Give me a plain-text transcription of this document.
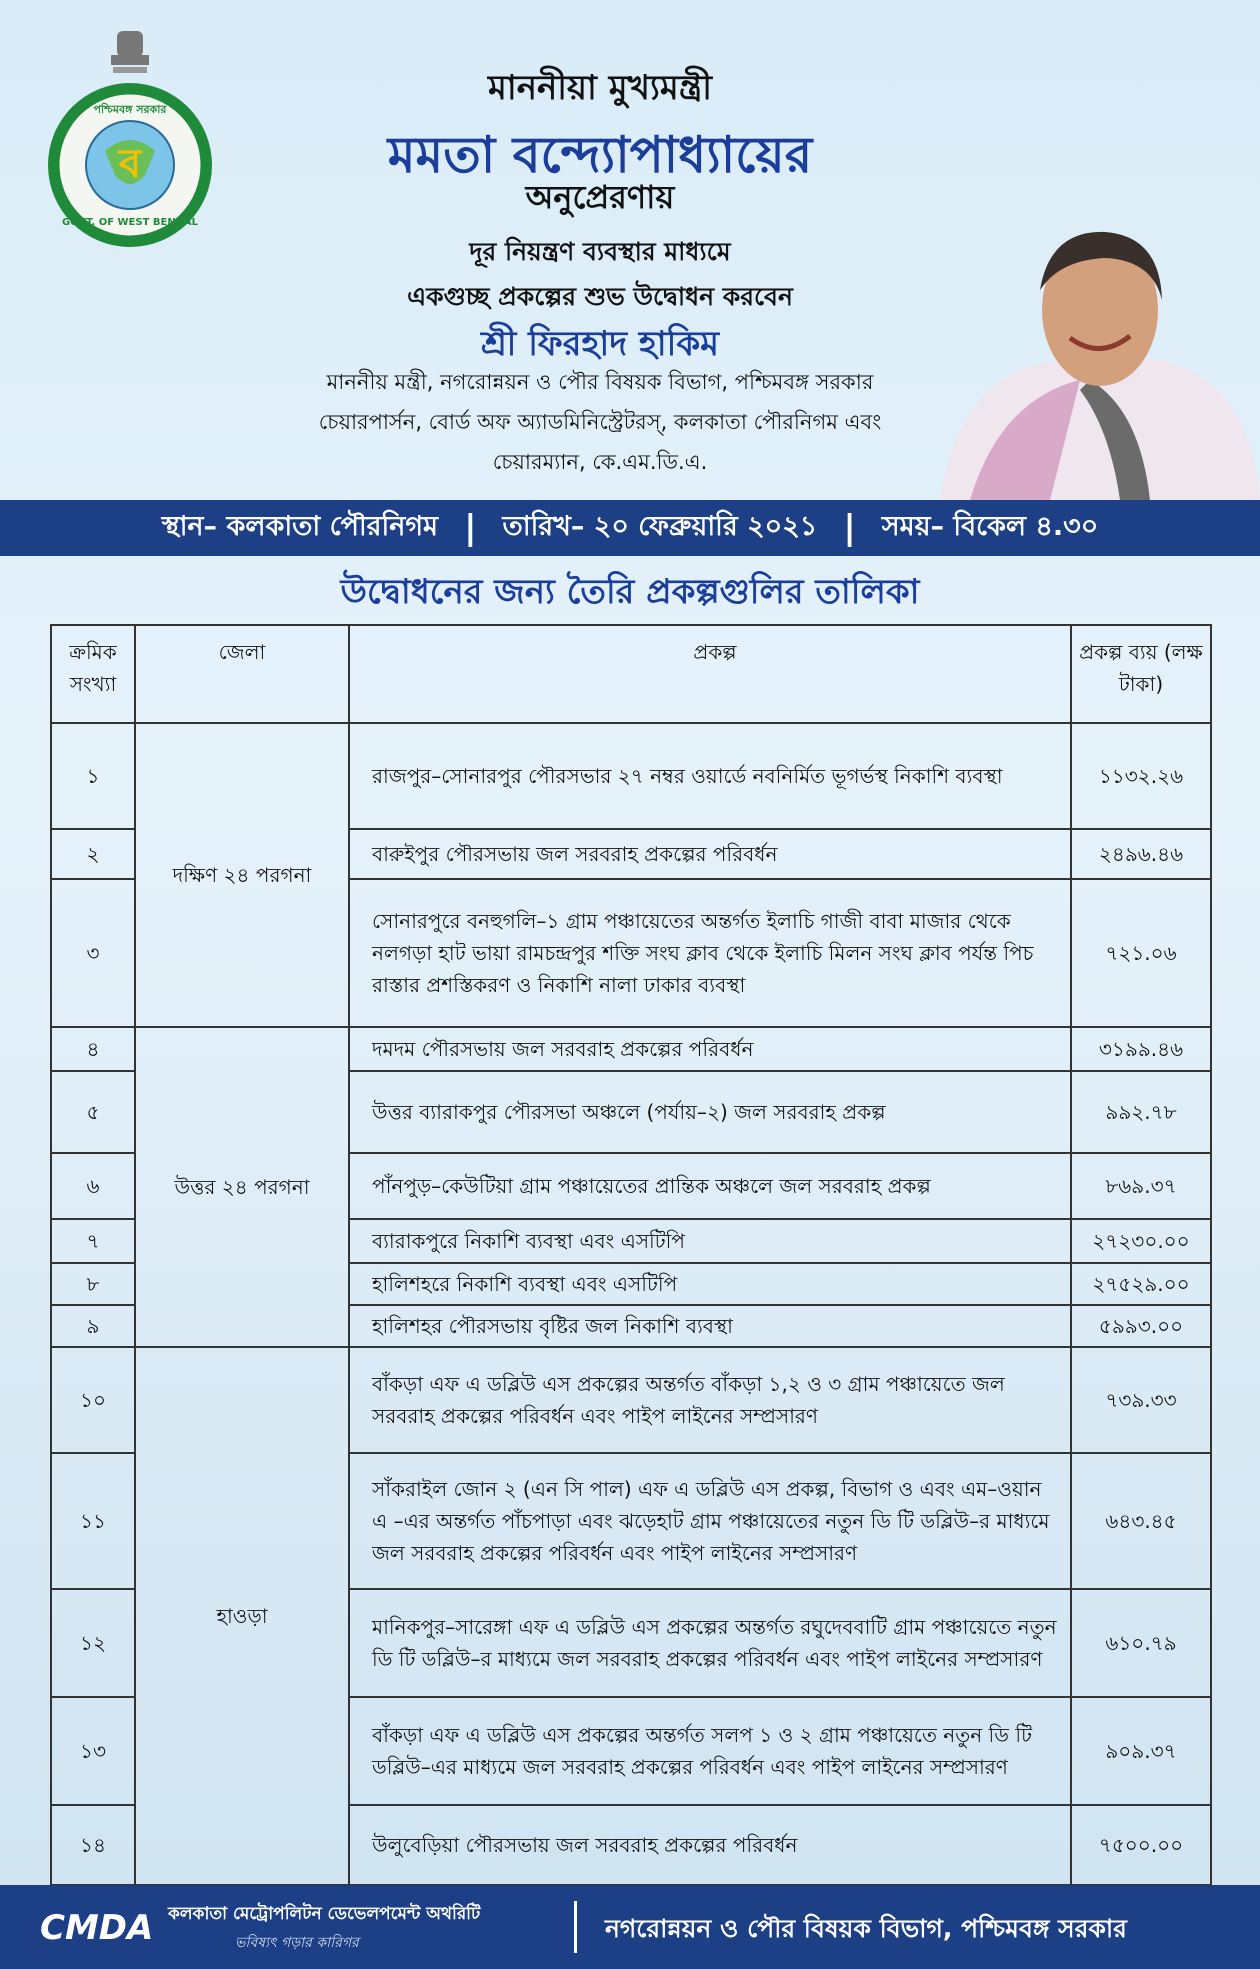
ব
পশ্চিমবঙ্গ সরকার
GOVT. OF WEST BENGAL
মাননীয়া মুখ্যমন্ত্রী
মমতা বন্দ্যোপাধ্যায়ের
অনুপ্রেরণায়
দূর নিয়ন্ত্রণ ব্যবস্থার মাধ্যমে
একগুচ্ছ প্রকল্পের শুভ উদ্বোধন করবেন
শ্রী ফিরহাদ হাকিম
মাননীয় মন্ত্রী, নগরোন্নয়ন ও পৌর বিষয়ক বিভাগ, পশ্চিমবঙ্গ সরকার
চেয়ারপার্সন, বোর্ড অফ অ্যাডমিনিস্ট্রেটরস্, কলকাতা পৌরনিগম এবং
চেয়ারম্যান, কে.এম.ডি.এ.
স্থান– কলকাতা পৌরনিগম | তারিখ– ২০ ফেব্রুয়ারি ২০২১ | সময়– বিকেল ৪.৩০
উদ্বোধনের জন্য তৈরি প্রকল্পগুলির তালিকা
ক্রমিক সংখ্যা	জেলা	প্রকল্প	প্রকল্প ব্যয় (লক্ষ টাকা)
১	দক্ষিণ ২৪ পরগনা	রাজপুর–সোনারপুর পৌরসভার ২৭ নম্বর ওয়ার্ডে নবনির্মিত ভূগর্ভস্থ নিকাশি ব্যবস্থা	১১৩২.২৬
২		বারুইপুর পৌরসভায় জল সরবরাহ প্রকল্পের পরিবর্ধন	২৪৯৬.৪৬
৩		সোনারপুরে বনহুগলি–১ গ্রাম পঞ্চায়েতের অন্তর্গত ইলাচি গাজী বাবা মাজার থেকে নলগড়া হাট ভায়া রামচন্দ্রপুর শক্তি সংঘ ক্লাব থেকে ইলাচি মিলন সংঘ ক্লাব পর্যন্ত পিচ রাস্তার প্রশস্তিকরণ ও নিকাশি নালা ঢাকার ব্যবস্থা	৭২১.০৬
৪	উত্তর ২৪ পরগনা	দমদম পৌরসভায় জল সরবরাহ প্রকল্পের পরিবর্ধন	৩১৯৯.৪৬
৫		উত্তর ব্যারাকপুর পৌরসভা অঞ্চলে (পর্যায়–২) জল সরবরাহ প্রকল্প	৯৯২.৭৮
৬		পাঁনপুড়–কেউটিয়া গ্রাম পঞ্চায়েতের প্রান্তিক অঞ্চলে জল সরবরাহ প্রকল্প	৮৬৯.৩৭
৭		ব্যারাকপুরে নিকাশি ব্যবস্থা এবং এসটিপি	২৭২৩০.০০
৮		হালিশহরে নিকাশি ব্যবস্থা এবং এসটিপি	২৭৫২৯.০০
৯		হালিশহর পৌরসভায় বৃষ্টির জল নিকাশি ব্যবস্থা	৫৯৯৩.০০
১০	হাওড়া	বাঁকড়া এফ এ ডব্লিউ এস প্রকল্পের অন্তর্গত বাঁকড়া ১,২ ও ৩ গ্রাম পঞ্চায়েতে জল সরবরাহ প্রকল্পের পরিবর্ধন এবং পাইপ লাইনের সম্প্রসারণ	৭৩৯.৩৩
১১		সাঁকরাইল জোন ২ (এন সি পাল) এফ এ ডব্লিউ এস প্রকল্প, বিভাগ ও এবং এম–ওয়ান এ –এর অন্তর্গত পাঁচপাড়া এবং ঝড়েহাট গ্রাম পঞ্চায়েতের নতুন ডি টি ডব্লিউ–র মাধ্যমে জল সরবরাহ প্রকল্পের পরিবর্ধন এবং পাইপ লাইনের সম্প্রসারণ	৬৪৩.৪৫
১২		মানিকপুর–সারেঙ্গা এফ এ ডব্লিউ এস প্রকল্পের অন্তর্গত রঘুদেববাটি গ্রাম পঞ্চায়েতে নতুন ডি টি ডব্লিউ–র মাধ্যমে জল সরবরাহ প্রকল্পের পরিবর্ধন এবং পাইপ লাইনের সম্প্রসারণ	৬১০.৭৯
১৩		বাঁকড়া এফ এ ডব্লিউ এস প্রকল্পের অন্তর্গত সলপ ১ ও ২ গ্রাম পঞ্চায়েতে নতুন ডি টি ডব্লিউ–এর মাধ্যমে জল সরবরাহ প্রকল্পের পরিবর্ধন এবং পাইপ লাইনের সম্প্রসারণ	৯০৯.৩৭
১৪		উলুবেড়িয়া পৌরসভায় জল সরবরাহ প্রকল্পের পরিবর্ধন	৭৫০০.০০
CMDA কলকাতা মেট্রোপলিটন ডেভেলপমেন্ট অথরিটি
ভবিষ্যৎ গড়ার কারিগর	নগরোন্নয়ন ও পৌর বিষয়ক বিভাগ, পশ্চিমবঙ্গ সরকার
